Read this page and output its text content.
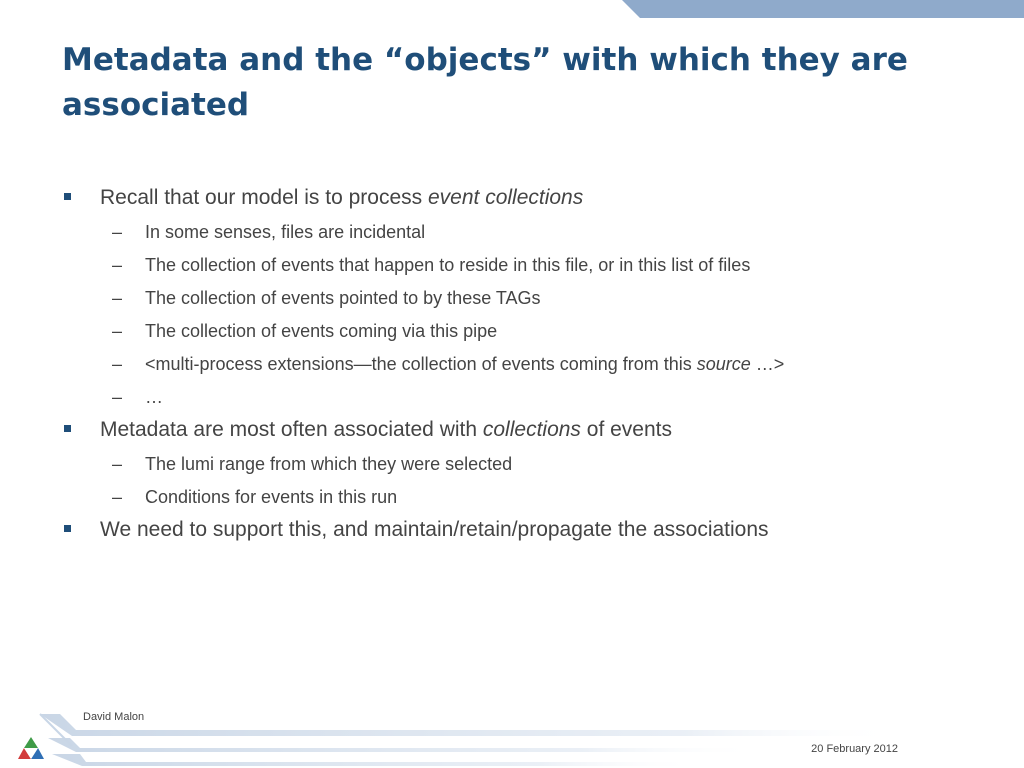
Metadata and the “objects” with which they are associated
Recall that our model is to process event collections
– In some senses, files are incidental
– The collection of events that happen to reside in this file, or in this list of files
– The collection of events pointed to by these TAGs
– The collection of events coming via this pipe
– <multi-process extensions—the collection of events coming from this source …>
– …
Metadata are most often associated with collections of events
– The lumi range from which they were selected
– Conditions for events in this run
We need to support this, and maintain/retain/propagate the associations
David Malon
20 February 2012
